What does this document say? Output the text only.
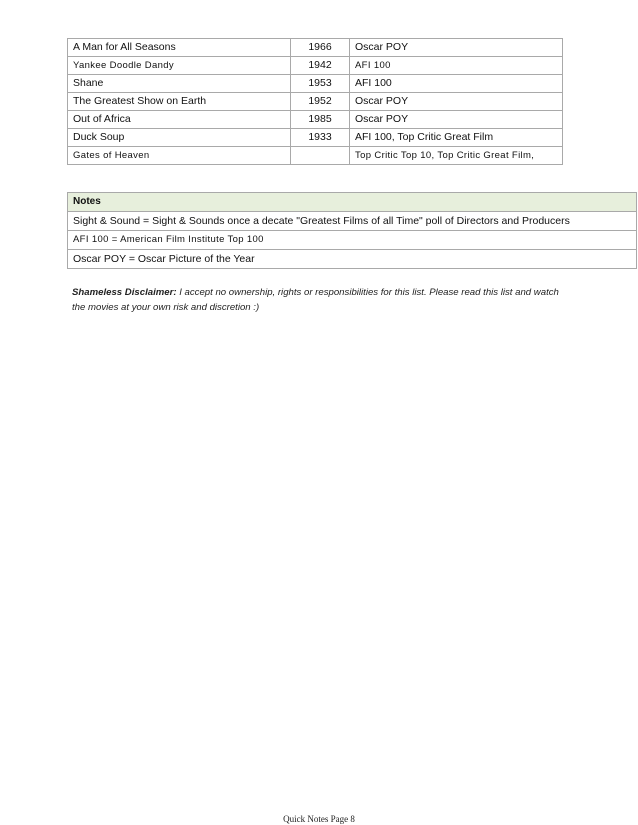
A Man for All Seasons	1966	Oscar POY
Yankee Doodle Dandy	1942	AFI 100
Shane	1953	AFI 100
The Greatest Show on Earth	1952	Oscar POY
Out of Africa	1985	Oscar POY
Duck Soup	1933	AFI 100, Top Critic Great Film
Gates of Heaven		Top Critic Top 10, Top Critic Great Film,
Notes
Sight & Sound = Sight & Sounds once a decate "Greatest Films of all Time" poll of Directors and Producers
AFI 100 = American Film Institute Top 100
Oscar POY = Oscar Picture of the Year

Shameless Disclaimer: I accept no ownership, rights or responsibilities for this list. Please read this list and watch the movies at your own risk and discretion :)

Quick Notes Page 8
